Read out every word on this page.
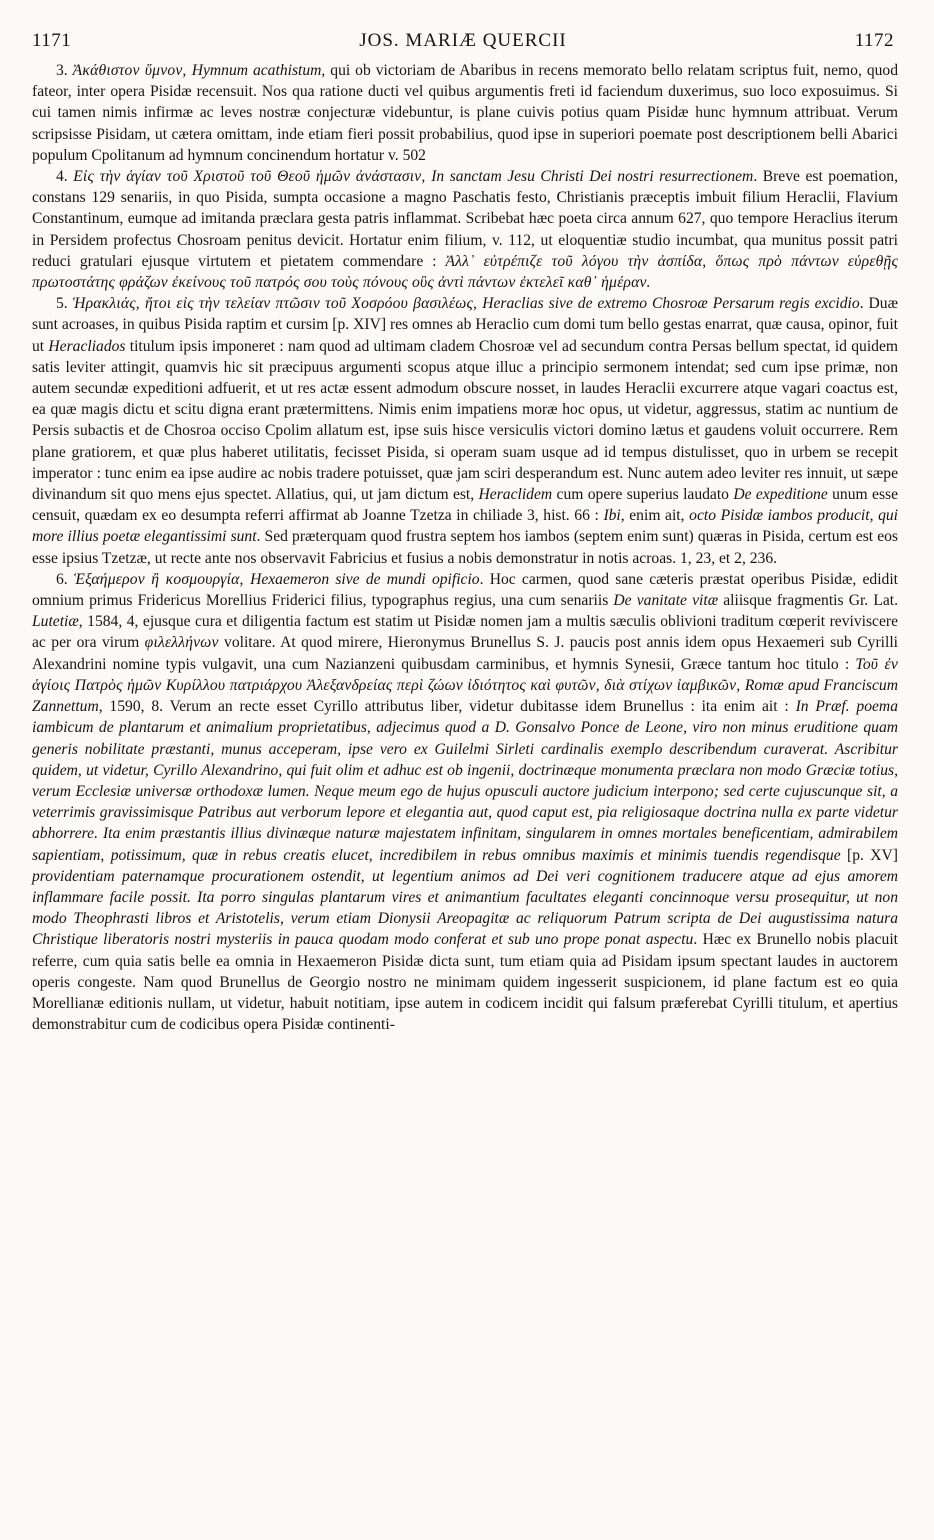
1171	JOS. MARIÆ QUERCII	1172

3. Ἀκάθιστον ὕμνον, Hymnum acathistum, qui ob victoriam de Abaribus in recens memorato bello relatam scriptus fuit, nemo, quod fateor, inter opera Pisidæ recensuit. Nos qua ratione ducti vel quibus argumentis freti id faciendum duxerimus, suo loco exposuimus. Si cui tamen nimis infirmæ ac leves nostræ conjecturæ videbuntur, is plane cuivis potius quam Pisidæ hunc hymnum attribuat. Verum scripsisse Pisidam, ut cætera omittam, inde etiam fieri possit probabilius, quod ipse in superiori poemate post descriptionem belli Abarici populum Cpolitanum ad hymnum concinendum hortatur v. 502

4. Εἰς τὴν ἁγίαν τοῦ Χριστοῦ τοῦ Θεοῦ ἡμῶν ἀνάστασιν, In sanctam Jesu Christi Dei nostri resurrectionem. Breve est poemation, constans 129 senariis, in quo Pisida, sumpta occasione a magno Paschatis festo, Christianis præceptis imbuit filium Heraclii, Flavium Constantinum, eumque ad imitanda præclara gesta patris inflammat. Scribebat hæc poeta circa annum 627, quo tempore Heraclius iterum in Persidem profectus Chosroam penitus devicit. Hortatur enim filium, v. 112, ut eloquentiæ studio incumbat, qua munitus possit patri reduci gratulari ejusque virtutem et pietatem commendare : Ἀλλ᾽ εὐτρέπιζε τοῦ λόγου τὴν ἀσπίδα, ὅπως πρὸ πάντων εὑρεθῇς πρωτοστάτης φράζων ἐκείνους τοῦ πατρός σου τοὺς πόνους οὓς ἀντὶ πάντων ἐκτελεῖ καθ᾽ ἡμέραν.

5. Ἡρακλιάς, ἤτοι εἰς τὴν τελείαν πτῶσιν τοῦ Χοσρόου βασιλέως, Heraclias sive de extremo Chosroæ Persarum regis excidio. Duæ sunt acroases, in quibus Pisida raptim et cursim [p. XIV] res omnes ab Heraclio cum domi tum bello gestas enarrat, quæ causa, opinor, fuit ut Heracliados titulum ipsis imponeret : nam quod ad ultimam cladem Chosroæ vel ad secundum contra Persas bellum spectat, id quidem satis leviter attingit, quamvis hic sit præcipuus argumenti scopus atque illuc a principio sermonem intendat; sed cum ipse primæ, non autem secundæ expeditioni adfuerit, et ut res actæ essent admodum obscure nosset, in laudes Heraclii excurrere atque vagari coactus est, ea quæ magis dictu et scitu digna erant prætermittens. Nimis enim impatiens moræ hoc opus, ut videtur, aggressus, statim ac nuntium de Persis subactis et de Chosroa occiso Cpolim allatum est, ipse suis hisce versiculis victori domino lætus et gaudens voluit occurrere. Rem plane gratiorem, et quæ plus haberet utilitatis, fecisset Pisida, si operam suam usque ad id tempus distulisset, quo in urbem se recepit imperator : tunc enim ea ipse audire ac nobis tradere potuisset, quæ jam sciri desperandum est. Nunc autem adeo leviter res innuit, ut sæpe divinandum sit quo mens ejus spectet. Allatius, qui, ut jam dictum est, Heraclidem cum opere superius laudato De expeditione unum esse censuit, quædam ex eo desumpta referri affirmat ab Joanne Tzetza in chiliade 3, hist. 66 : Ibi, enim ait, octo Pisidæ iambos producit, qui more illius poetæ elegantissimi sunt. Sed præterquam quod frustra septem hos iambos (septem enim sunt) quæras in Pisida, certum est eos esse ipsius Tzetzæ, ut recte ante nos observavit Fabricius et fusius a nobis demonstratur in notis acroas. 1, 23, et 2, 236.

6. Ἑξαήμερον ἢ κοσμουργία, Hexaemeron sive de mundi opificio. Hoc carmen, quod sane cæteris præstat operibus Pisidæ, edidit omnium primus Fridericus Morellius Friderici filius, typographus regius, una cum senariis De vanitate vitæ aliisque fragmentis Gr. Lat. Lutetiæ, 1584, 4, ejusque cura et diligentia factum est statim ut Pisidæ nomen jam a multis sæculis oblivioni traditum cœperit reviviscere ac per ora virum φιλελλήνων volitare. At quod mirere, Hieronymus Brunellus S. J. paucis post annis idem opus Hexaemeri sub Cyrilli Alexandrini nomine typis vulgavit, una cum Nazianzeni quibusdam carminibus, et hymnis Synesii, Græce tantum hoc titulo : Τοῦ ἐν ἁγίοις Πατρὸς ἡμῶν Κυρίλλου πατριάρχου Ἀλεξανδρείας περὶ ζώων ἰδιότητος καὶ φυτῶν, διὰ στίχων ἰαμβικῶν, Romæ apud Franciscum Zannettum, 1590, 8. Verum an recte esset Cyrillo attributus liber, videtur dubitasse idem Brunellus : ita enim ait : In Præf. poema iambicum de plantarum et animalium proprietatibus, adjecimus quod a D. Gonsalvo Ponce de Leone, viro non minus eruditione quam generis nobilitate præstanti, munus acceperam, ipse vero ex Guilelmi Sirleti cardinalis exemplo describendum curaverat. Ascribitur quidem, ut videtur, Cyrillo Alexandrino, qui fuit olim et adhuc est ob ingenii, doctrinæque monumenta præclara non modo Græciæ totius, verum Ecclesiæ universæ orthodoxæ lumen. Neque meum ego de hujus opusculi auctore judicium interpono; sed certe cujuscunque sit, a veterrimis gravissimisque Patribus aut verborum lepore et elegantia aut, quod caput est, pia religiosaque doctrina nulla ex parte videtur abhorrere. Ita enim præstantis illius divinæque naturæ majestatem infinitam, singularem in omnes mortales beneficentiam, admirabilem sapientiam, potissimum, quæ in rebus creatis elucet, incredibilem in rebus omnibus maximis et minimis tuendis regendisque [p. XV] providentiam paternamque procurationem ostendit, ut legentium animos ad Dei veri cognitionem traducere atque ad ejus amorem inflammare facile possit. Ita porro singulas plantarum vires et animantium facultates eleganti concinnoque versu prosequitur, ut non modo Theophrasti libros et Aristotelis, verum etiam Dionysii Areopagitæ ac reliquorum Patrum scripta de Dei augustissima natura Christique liberatoris nostri mysteriis in pauca quodam modo conferat et sub uno prope ponat aspectu. Hæc ex Brunello nobis placuit referre, cum quia satis belle ea omnia in Hexaemeron Pisidæ dicta sunt, tum etiam quia ad Pisidam ipsum spectant laudes in auctorem operis congeste. Nam quod Brunellus de Georgio nostro ne minimam quidem ingesserit suspicionem, id plane factum est eo quia Morellianæ editionis nullam, ut videtur, habuit notitiam, ipse autem in codicem incidit qui falsum præferebat Cyrilli titulum, et apertius demonstrabitur cum de codicibus opera Pisidæ continenti-
